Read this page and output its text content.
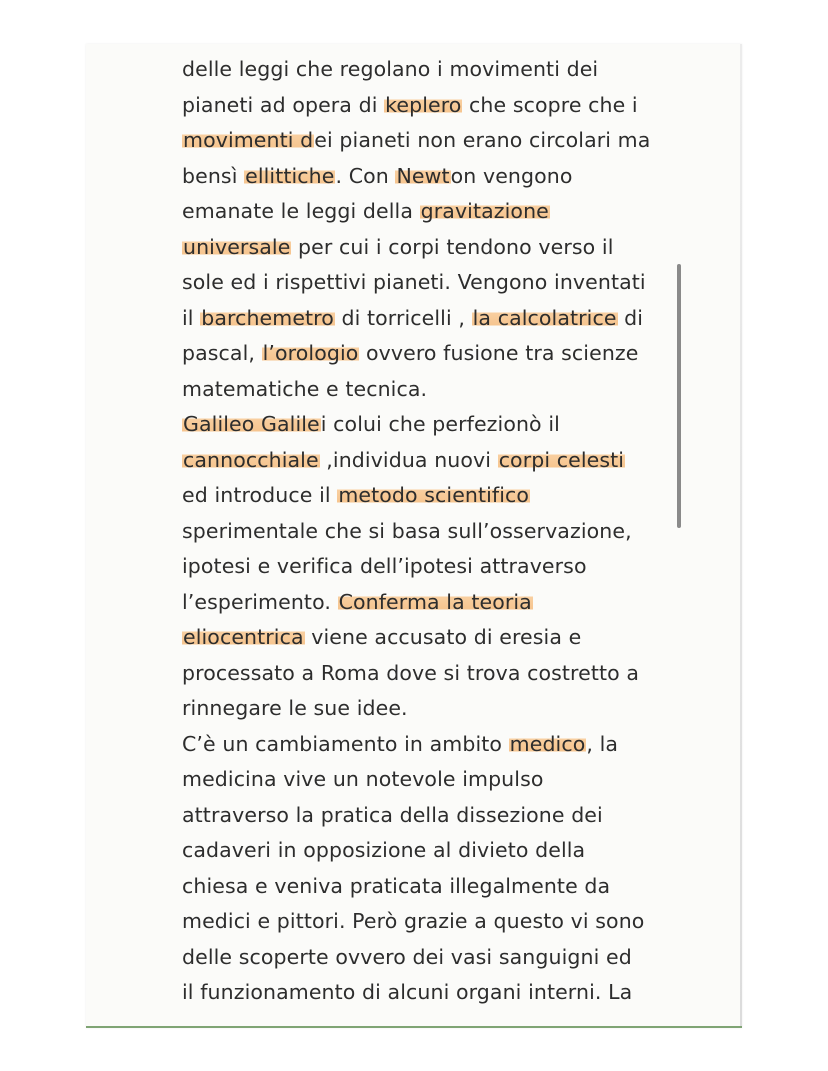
delle leggi che regolano i movimenti dei
pianeti ad opera di keplero che scopre che i
movimenti dei pianeti non erano circolari ma
bensì ellittiche. Con Newton vengono
emanate le leggi della gravitazione
universale per cui i corpi tendono verso il
sole ed i rispettivi pianeti. Vengono inventati
il barchemetro di torricelli , la calcolatrice di
pascal, l’orologio ovvero fusione tra scienze
matematiche e tecnica.
Galileo Galilei colui che perfezionò il
cannocchiale ,individua nuovi corpi celesti
ed introduce il metodo scientifico
sperimentale che si basa sull’osservazione,
ipotesi e verifica dell’ipotesi attraverso
l’esperimento. Conferma la teoria
eliocentrica viene accusato di eresia e
processato a Roma dove si trova costretto a
rinnegare le sue idee.
C’è un cambiamento in ambito medico, la
medicina vive un notevole impulso
attraverso la pratica della dissezione dei
cadaveri in opposizione al divieto della
chiesa e veniva praticata illegalmente da
medici e pittori. Però grazie a questo vi sono
delle scoperte ovvero dei vasi sanguigni ed
il funzionamento di alcuni organi interni. La
